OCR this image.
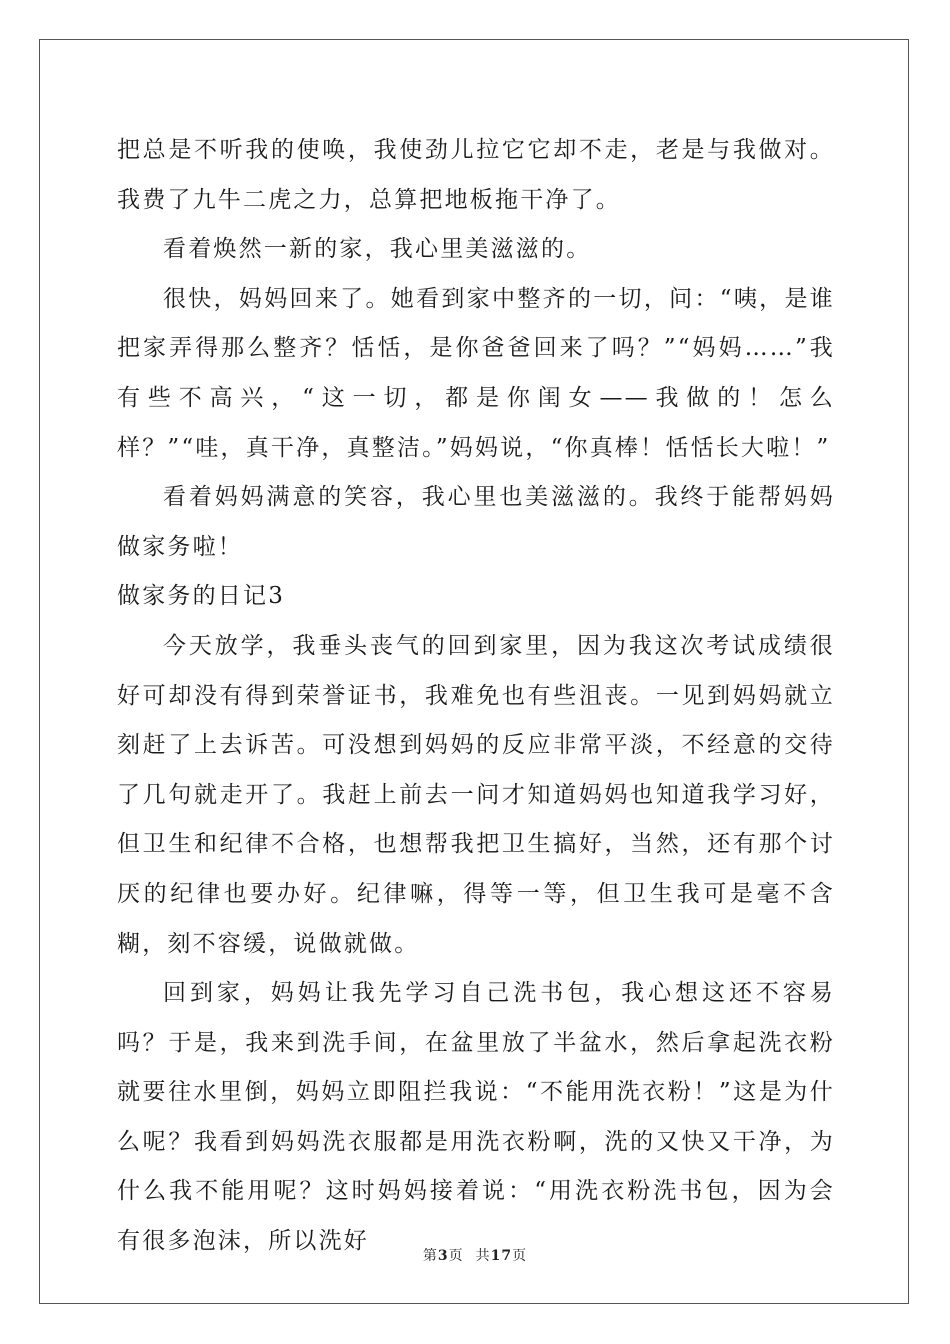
把总是不听我的使唤，我使劲儿拉它它却不走，老是与我做对。我费了九牛二虎之力，总算把地板拖干净了。

看着焕然一新的家，我心里美滋滋的。

很快，妈妈回来了。她看到家中整齐的一切，问：“咦，是谁把家弄得那么整齐？恬恬，是你爸爸回来了吗？”“妈妈……”我有些不高兴，“这一切，都是你闺女——我做的！怎么样？”“哇，真干净，真整洁。”妈妈说，“你真棒！恬恬长大啦！”

看着妈妈满意的笑容，我心里也美滋滋的。我终于能帮妈妈做家务啦！

做家务的日记3

今天放学，我垂头丧气的回到家里，因为我这次考试成绩很好可却没有得到荣誉证书，我难免也有些沮丧。一见到妈妈就立刻赶了上去诉苦。可没想到妈妈的反应非常平淡，不经意的交待了几句就走开了。我赶上前去一问才知道妈妈也知道我学习好，但卫生和纪律不合格，也想帮我把卫生搞好，当然，还有那个讨厌的纪律也要办好。纪律嘛，得等一等，但卫生我可是毫不含糊，刻不容缓，说做就做。

回到家，妈妈让我先学习自己洗书包，我心想这还不容易吗？于是，我来到洗手间，在盆里放了半盆水，然后拿起洗衣粉就要往水里倒，妈妈立即阻拦我说：“不能用洗衣粉！”这是为什么呢？我看到妈妈洗衣服都是用洗衣粉啊，洗的又快又干净，为什么我不能用呢？这时妈妈接着说：“用洗衣粉洗书包，因为会有很多泡沫，所以洗好

第3页 共17页
